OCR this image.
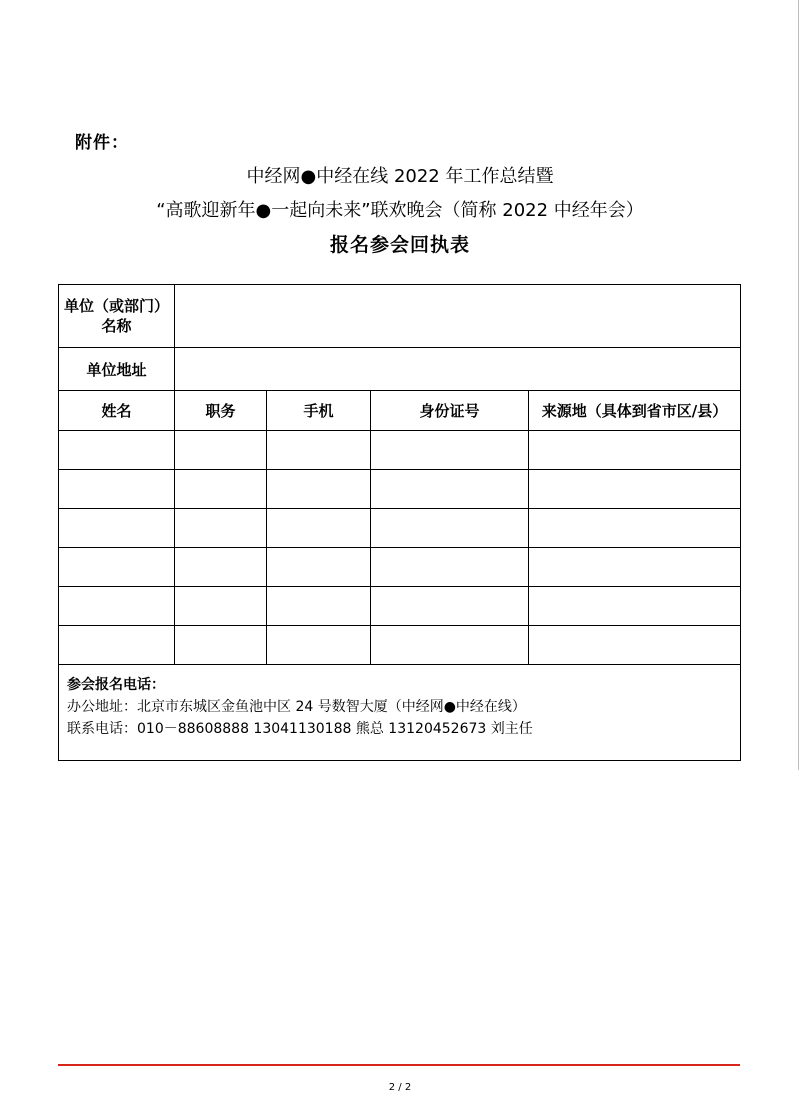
附件：
中经网●中经在线 2022 年工作总结暨
“高歌迎新年●一起向未来”联欢晚会（简称 2022 中经年会）
报名参会回执表
单位（或部门）
名称				

单位地址				
姓名	职务	手机	身份证号	来源地（具体到省市区/县）

参会报名电话：
办公地址：北京市东城区金鱼池中区 24 号数智大厦（中经网●中经在线）
联系电话：010－88608888 13041130188 熊总 13120452673 刘主任				
2 / 2
